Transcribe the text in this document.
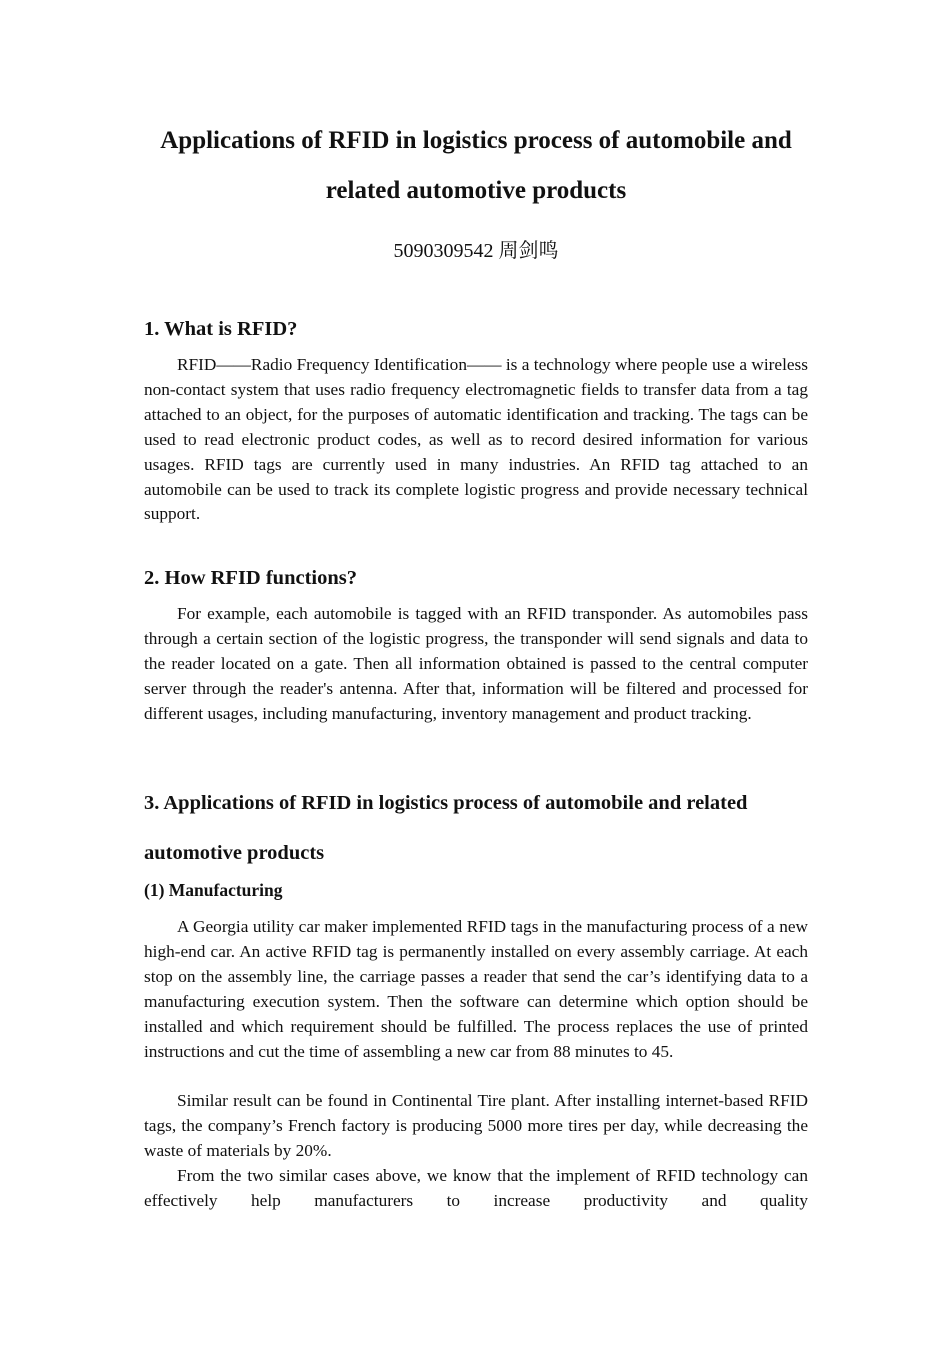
Applications of RFID in logistics process of automobile and
related automotive products
5090309542 周剑鸣
1. What is RFID?

RFID——Radio Frequency Identification—— is a technology where people use a wireless non-contact system that uses radio frequency electromagnetic fields to transfer data from a tag attached to an object, for the purposes of automatic identification and tracking. The tags can be used to read electronic product codes, as well as to record desired information for various usages. RFID tags are currently used in many industries. An RFID tag attached to an automobile can be used to track its complete logistic progress and provide necessary technical support.

2. How RFID functions?

For example, each automobile is tagged with an RFID transponder. As automobiles pass through a certain section of the logistic progress, the transponder will send signals and data to the reader located on a gate. Then all information obtained is passed to the central computer server through the reader's antenna. After that, information will be filtered and processed for different usages, including manufacturing, inventory management and product tracking.

3. Applications of RFID in logistics process of automobile and related
automotive products
(1) Manufacturing

A Georgia utility car maker implemented RFID tags in the manufacturing process of a new high-end car. An active RFID tag is permanently installed on every assembly carriage. At each stop on the assembly line, the carriage passes a reader that send the car’s identifying data to a manufacturing execution system. Then the software can determine which option should be installed and which requirement should be fulfilled. The process replaces the use of printed instructions and cut the time of assembling a new car from 88 minutes to 45.

Similar result can be found in Continental Tire plant. After installing internet-based RFID tags, the company’s French factory is producing 5000 more tires per day, while decreasing the waste of materials by 20%.

From the two similar cases above, we know that the implement of RFID technology can effectively help manufacturers to increase productivity and quality
